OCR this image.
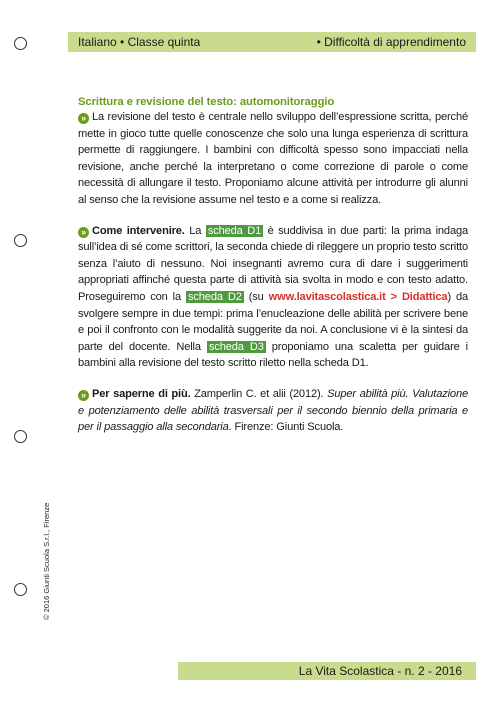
Italiano • Classe quinta	• Difficoltà di apprendimento
Scrittura e revisione del testo: automonitoraggio

» La revisione del testo è centrale nello sviluppo dell’espressione scritta, perché mette in gioco tutte quelle conoscenze che solo una lunga esperienza di scrittura permette di raggiungere. I bambini con difficoltà spesso sono impacciati nella revisione, anche perché la interpretano o come correzione di parole o come necessità di allungare il testo. Proponiamo alcune attività per introdurre gli alunni al senso che la revisione assume nel testo e a come si realizza.

» Come intervenire. La scheda D1 è suddivisa in due parti: la prima indaga sull’idea di sé come scrittori, la seconda chiede di rileggere un proprio testo scritto senza l’aiuto di nessuno. Noi insegnanti avremo cura di dare i suggerimenti appropriati affinché questa parte di attività sia svolta in modo e con testo adatto. Proseguiremo con la scheda D2 (su www.lavitascolastica.it > Didattica) da svolgere sempre in due tempi: prima l’enucleazione delle abilità per scrivere bene e poi il confronto con le modalità suggerite da noi. A conclusione vi è la sintesi da parte del docente. Nella scheda D3 proponiamo una scaletta per guidare i bambini alla revisione del testo scritto riletto nella scheda D1.

» Per saperne di più. Zamperlin C. et alii (2012). Super abilità più. Valutazione e potenziamento delle abilità trasversali per il secondo biennio della primaria e per il passaggio alla secondaria. Firenze: Giunti Scuola.

© 2016 Giunti Scuola S.r.l., Firenze
La Vita Scolastica - n. 2 - 2016
